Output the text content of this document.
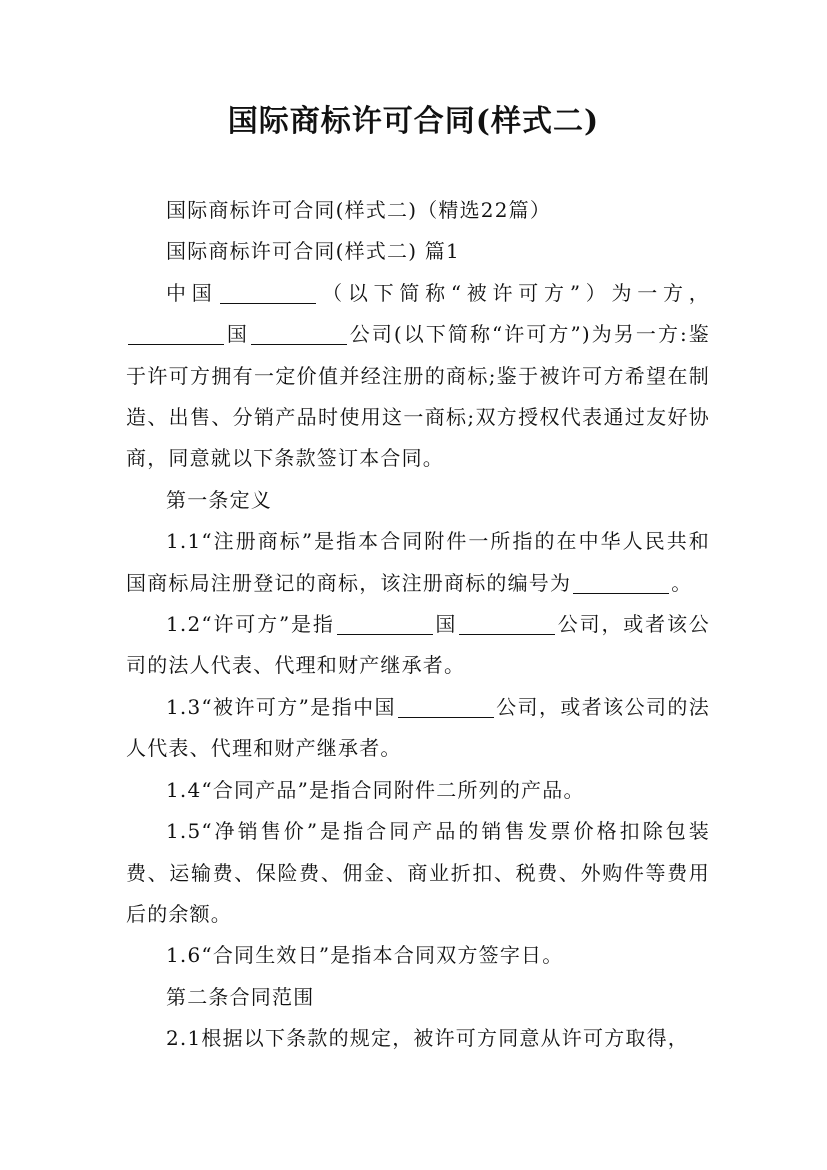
国际商标许可合同(样式二)

国际商标许可合同(样式二)（精选22篇）

国际商标许可合同(样式二) 篇1

中国	（以下简称“被许可方”）为一方，国	公司(以下简称“许可方”)为另一方:鉴于许可方拥有一定价值并经注册的商标;鉴于被许可方希望在制造、出售、分销产品时使用这一商标;双方授权代表通过友好协商，同意就以下条款签订本合同。

第一条定义

1.1“注册商标”是指本合同附件一所指的在中华人民共和国商标局注册登记的商标，该注册商标的编号为	。

1.2“许可方”是指	国	公司，或者该公司的法人代表、代理和财产继承者。

1.3“被许可方”是指中国	公司，或者该公司的法人代表、代理和财产继承者。

1.4“合同产品”是指合同附件二所列的产品。

1.5“净销售价”是指合同产品的销售发票价格扣除包装费、运输费、保险费、佣金、商业折扣、税费、外购件等费用后的余额。

1.6“合同生效日”是指本合同双方签字日。

第二条合同范围

2.1根据以下条款的规定，被许可方同意从许可方取得，
